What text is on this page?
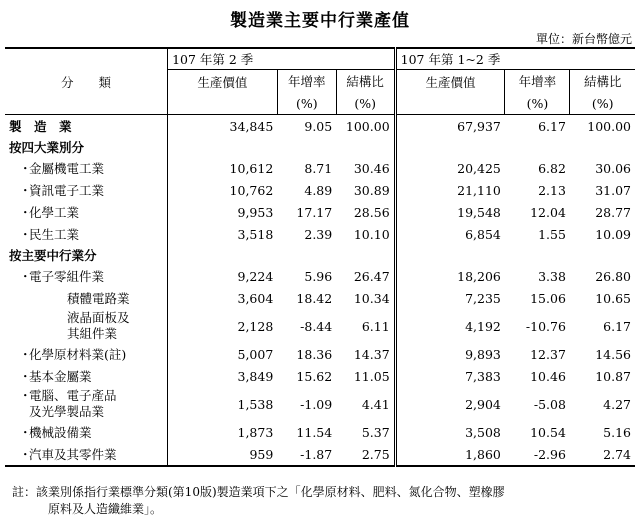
製造業主要中行業產值
單位：新台幣億元
分　　類	107 年第 2 季			107 年第 1~2 季		
	生產價值	年增率	結構比	生產價值	年增率	結構比
		(%)	(%)		(%)	(%)
製　造　業	34,845	9.05	100.00	67,937	6.17	100.00
按四大業別分						
・金屬機電工業	10,612	8.71	30.46	20,425	6.82	30.06
・資訊電子工業	10,762	4.89	30.89	21,110	2.13	31.07
・化學工業	9,953	17.17	28.56	19,548	12.04	28.77
・民生工業	3,518	2.39	10.10	6,854	1.55	10.09
按主要中行業分						
・電子零組件業	9,224	5.96	26.47	18,206	3.38	26.80
積體電路業	3,604	18.42	10.34	7,235	15.06	10.65
液晶面板及
其組件業	2,128	-8.44	6.11	4,192	-10.76	6.17
・化學原材料業(註)	5,007	18.36	14.37	9,893	12.37	14.56
・基本金屬業	3,849	15.62	11.05	7,383	10.46	10.87
・電腦、電子產品
及光學製品業	1,538	-1.09	4.41	2,904	-5.08	4.27
・機械設備業	1,873	11.54	5.37	3,508	10.54	5.16
・汽車及其零件業	959	-1.87	2.75	1,860	-2.96	2.74
註：該業別係指行業標準分類(第10版)製造業項下之「化學原材料、肥料、氮化合物、塑橡膠
原料及人造纖維業」。
